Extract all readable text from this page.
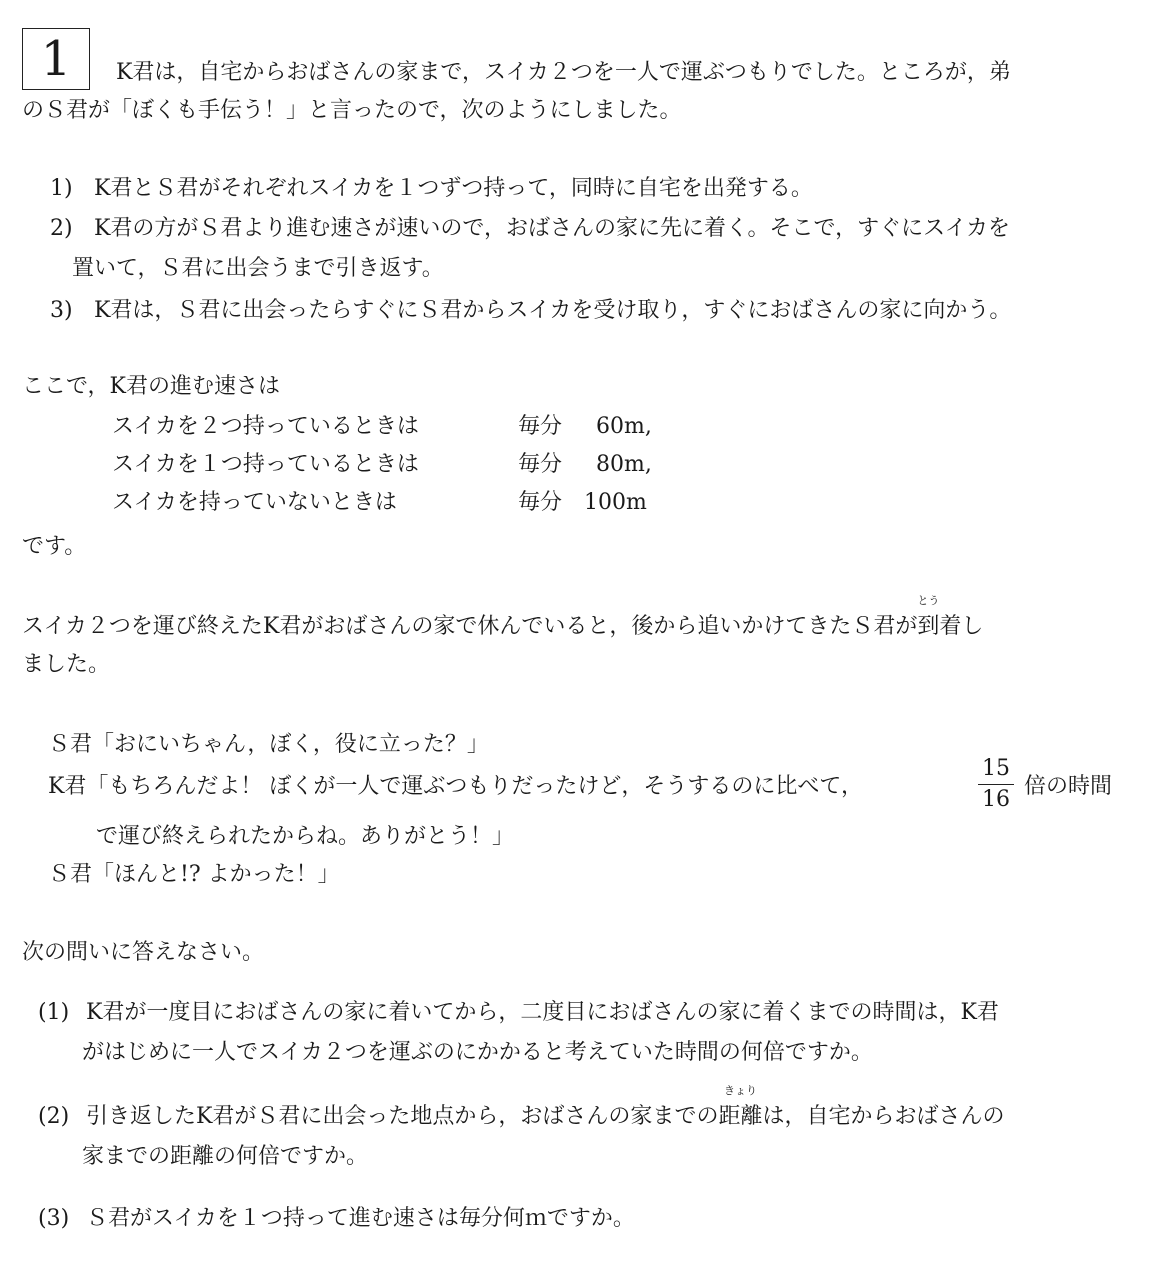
1	K君は，自宅からおばさんの家まで，スイカ２つを一人で運ぶつもりでした。ところが，弟
のＳ君が「ぼくも手伝う！」と言ったので，次のようにしました。
1) K君とＳ君がそれぞれスイカを１つずつ持って，同時に自宅を出発する。
2) K君の方がＳ君より進む速さが速いので，おばさんの家に先に着く。そこで，すぐにスイカを
置いて，Ｓ君に出会うまで引き返す。
3) K君は，Ｓ君に出会ったらすぐにＳ君からスイカを受け取り，すぐにおばさんの家に向かう。
ここで，K君の進む速さは
スイカを２つ持っているときは	毎分 60m,
スイカを１つ持っているときは	毎分 80m,
スイカを持っていないときは	毎分 100m
です。
スイカ２つを運び終えたK君がおばさんの家で休んでいると，後から追いかけてきたＳ君が
とう
到着し
ました。
Ｓ君「おにいちゃん，ぼく，役に立った？」
K君「もちろんだよ！ ぼくが一人で運ぶつもりだったけど，そうするのに比べて，
15
16
倍の時間
で運び終えられたからね。ありがとう！」
Ｓ君「ほんと!? よかった！」
次の問いに答えなさい。
(1) K君が一度目におばさんの家に着いてから，二度目におばさんの家に着くまでの時間は，K君
がはじめに一人でスイカ２つを運ぶのにかかると考えていた時間の何倍ですか。
(2) 引き返したK君がＳ君に出会った地点から，おばさんの家までの
きょり
距離は，自宅からおばさんの
家までの距離の何倍ですか。
(3) Ｓ君がスイカを１つ持って進む速さは毎分何ｍですか。
